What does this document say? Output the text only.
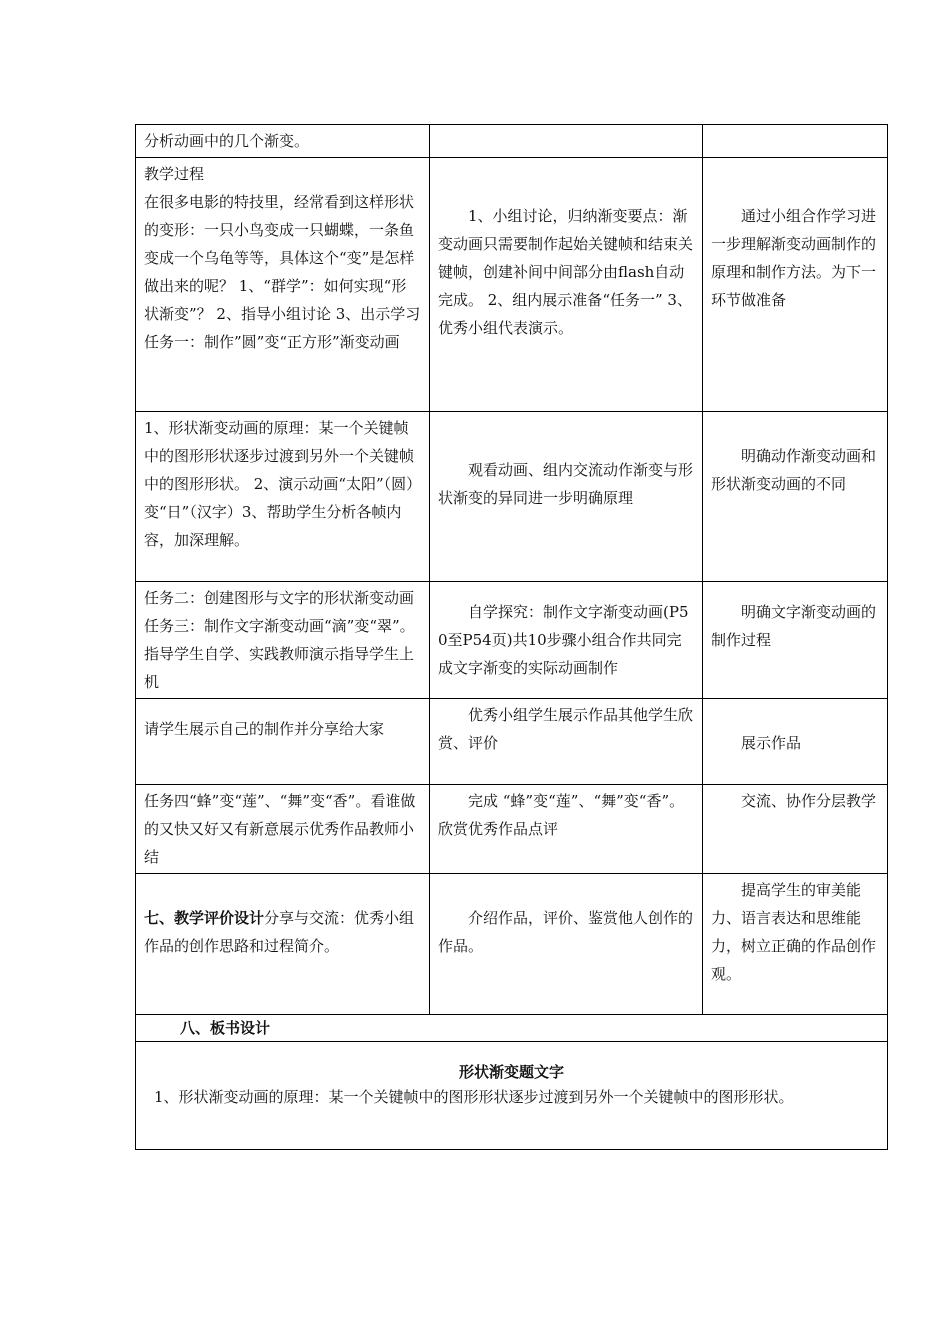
分析动画中的几个渐变。		

教学过程
在很多电影的特技里，经常看到这样形状的变形：一只小鸟变成一只蝴蝶，一条鱼变成一个乌龟等等，具体这个“变”是怎样做出来的呢？ 1、“群学”：如何实现“形状渐变”？ 2、指导小组讨论 3、出示学习任务一：制作”圆”变“正方形”渐变动画	1、小组讨论，归纳渐变要点：渐变动画只需要制作起始关键帧和结束关键帧，创建补间中间部分由flash自动完成。 2、组内展示准备“任务一” 3、优秀小组代表演示。	通过小组合作学习进一步理解渐变动画制作的原理和制作方法。为下一环节做准备

1、形状渐变动画的原理：某一个关键帧中的图形形状逐步过渡到另外一个关键帧中的图形形状。 2、演示动画“太阳”（圆）变“日”（汉字）3、帮助学生分析各帧内容，加深理解。	观看动画、组内交流动作渐变与形状渐变的异同进一步明确原理	明确动作渐变动画和形状渐变动画的不同

任务二：创建图形与文字的形状渐变动画任务三：制作文字渐变动画“滴”变“翠”。指导学生自学、实践教师演示指导学生上机	自学探究：制作文字渐变动画(P50至P54页)共10步骤小组合作共同完成文字渐变的实际动画制作	明确文字渐变动画的制作过程

请学生展示自己的制作并分享给大家	优秀小组学生展示作品其他学生欣赏、评价	展示作品

任务四“蜂”变“莲”、“舞”变“香”。看谁做的又快又好又有新意展示优秀作品教师小结	完成 “蜂”变“莲”、“舞”变“香”。　 欣赏优秀作品点评	交流、协作分层教学

七、教学评价设计分享与交流：优秀小组作品的创作思路和过程简介。	介绍作品，评价、鉴赏他人创作的作品。	提高学生的审美能力、语言表达和思维能力，树立正确的作品创作观。

八、板书设计		

形状渐变题文字
1、形状渐变动画的原理：某一个关键帧中的图形形状逐步过渡到另外一个关键帧中的图形形状。		
